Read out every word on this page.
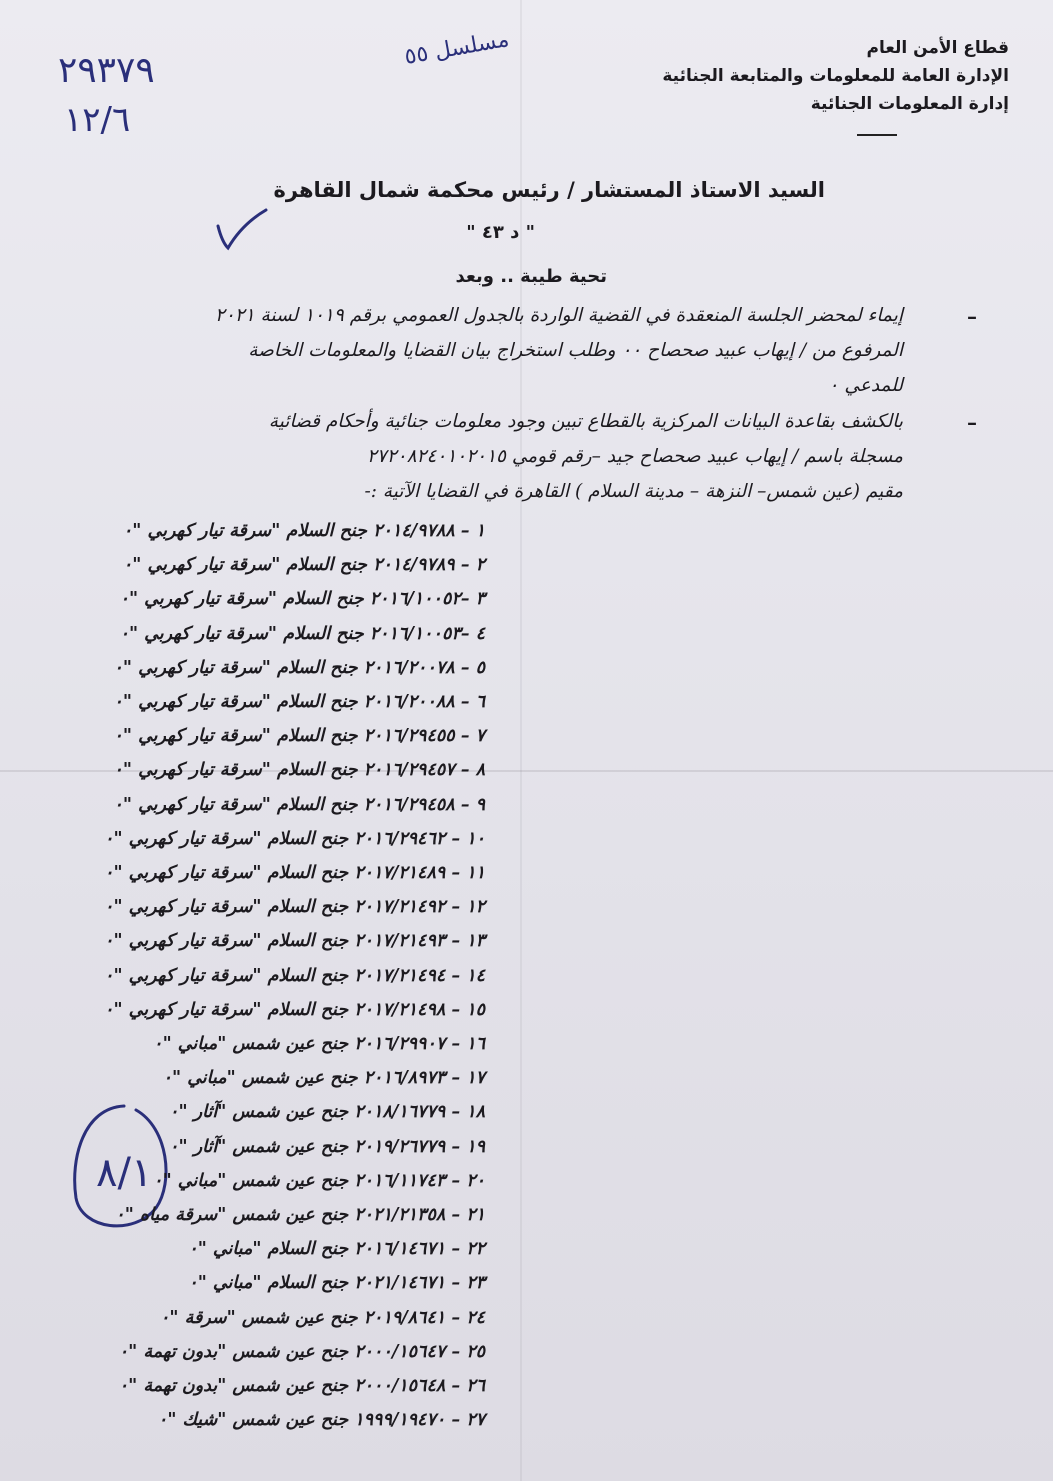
قطاع الأمن العام
الإدارة العامة للمعلومات والمتابعة الجنائية
إدارة المعلومات الجنائية
٢٩٣٧٩
١٢/٦
مسلسل ٥٥
٨/١
السيد الاستاذ المستشار / رئيس محكمة شمال القاهرة
" د ٤٣ "
تحية طيبة .. وبعد
–
إيماء لمحضر الجلسة المنعقدة في القضية الواردة بالجدول العمومي برقم ١٠١٩ لسنة ٢٠٢١
المرفوع من / إيهاب عبيد صحصاح ٠٠ وطلب استخراج بيان القضايا والمعلومات الخاصة
للمدعي ٠
–
بالكشف بقاعدة البيانات المركزية بالقطاع تبين وجود معلومات جنائية وأحكام قضائية
مسجلة باسم / إيهاب عبيد صحصاح جيد –رقم قومي ٢٧٢٠٨٢٤٠١٠٢٠١٥
مقيم (عين شمس– النزهة – مدينة السلام ) القاهرة في القضايا الآتية :-
١ – ٢٠١٤/٩٧٨٨ جنح السلام "سرقة تيار كهربي "٠
٢ – ٢٠١٤/٩٧٨٩ جنح السلام "سرقة تيار كهربي "٠
٣ –٢٠١٦/١٠٠٥٢ جنح السلام "سرقة تيار كهربي "٠
٤ –٢٠١٦/١٠٠٥٣ جنح السلام "سرقة تيار كهربي "٠
٥ – ٢٠١٦/٢٠٠٧٨ جنح السلام "سرقة تيار كهربي "٠
٦ – ٢٠١٦/٢٠٠٨٨ جنح السلام "سرقة تيار كهربي "٠
٧ – ٢٠١٦/٢٩٤٥٥ جنح السلام "سرقة تيار كهربي "٠
٨ – ٢٠١٦/٢٩٤٥٧ جنح السلام "سرقة تيار كهربي "٠
٩ – ٢٠١٦/٢٩٤٥٨ جنح السلام "سرقة تيار كهربي "٠
١٠ – ٢٠١٦/٢٩٤٦٢ جنح السلام "سرقة تيار كهربي "٠
١١ – ٢٠١٧/٢١٤٨٩ جنح السلام "سرقة تيار كهربي "٠
١٢ – ٢٠١٧/٢١٤٩٢ جنح السلام "سرقة تيار كهربي "٠
١٣ – ٢٠١٧/٢١٤٩٣ جنح السلام "سرقة تيار كهربي "٠
١٤ – ٢٠١٧/٢١٤٩٤ جنح السلام "سرقة تيار كهربي "٠
١٥ – ٢٠١٧/٢١٤٩٨ جنح السلام "سرقة تيار كهربي "٠
١٦ – ٢٠١٦/٢٩٩٠٧ جنح عين شمس "مباني "٠
١٧ – ٢٠١٦/٨٩٧٣ جنح عين شمس "مباني "٠
١٨ – ٢٠١٨/١٦٧٧٩ جنح عين شمس "آثار "٠
١٩ – ٢٠١٩/٢٦٧٧٩ جنح عين شمس "آثار "٠
٢٠ – ٢٠١٦/١١٧٤٣ جنح عين شمس "مباني "٠
٢١ – ٢٠٢١/٢١٣٥٨ جنح عين شمس "سرقة مياه "٠
٢٢ – ٢٠١٦/١٤٦٧١ جنح السلام "مباني "٠
٢٣ – ٢٠٢١/١٤٦٧١ جنح السلام "مباني "٠
٢٤ – ٢٠١٩/٨٦٤١ جنح عين شمس "سرقة "٠
٢٥ – ٢٠٠٠/١٥٦٤٧ جنح عين شمس "بدون تهمة "٠
٢٦ – ٢٠٠٠/١٥٦٤٨ جنح عين شمس "بدون تهمة "٠
٢٧ – ١٩٩٩/١٩٤٧٠ جنح عين شمس "شيك "٠
